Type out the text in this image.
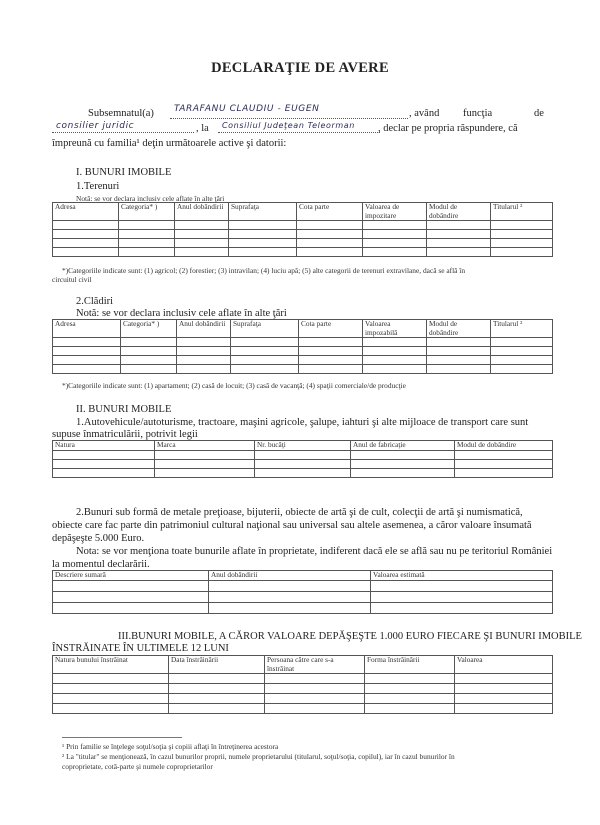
DECLARAŢIE DE AVERE
Subsemnatul(a) TARAFANU CLAUDIU - EUGEN	, având funcţia	de
consilier juridic	, la Consiliul Judeţean Teleorman , declar pe propria răspundere, că
împreună cu familia¹ deţin următoarele active şi datorii:
I. BUNURI IMOBILE
1.Terenuri
Notă: se vor declara inclusiv cele aflate în alte ţări
Adresa	Categoria* )	Anul dobândirii	Suprafaţa	Cota parte	Valoarea de impozitare	Modul de dobândire	Titularul ²

*)Categoriile indicate sunt: (1) agricol; (2) forestier; (3) intravilan; (4) luciu apă; (5) alte categorii de terenuri extravilane, dacă se află în
circuitul civil
2.Clădiri
Notă: se vor declara inclusiv cele aflate în alte ţări
Adresa	Categoria* )	Anul dobândirii	Suprafaţa	Cota parte	Valoarea impozabilă	Modul de dobândire	Titularul ²

*)Categoriile indicate sunt: (1) apartament; (2) casă de locuit; (3) casă de vacanţă; (4) spaţii comerciale/de producţie
II. BUNURI MOBILE
1.Autovehicule/autoturisme, tractoare, maşini agricole, şalupe, iahturi şi alte mijloace de transport care sunt
supuse înmatriculării, potrivit legii
Natura	Marca	Nr. bucăţi	Anul de fabricaţie	Modul de dobândire

2.Bunuri sub formă de metale preţioase, bijuterii, obiecte de artă şi de cult, colecţii de artă şi numismatică,
obiecte care fac parte din patrimoniul cultural naţional sau universal sau altele asemenea, a căror valoare însumată
depăşeşte 5.000 Euro.
Nota: se vor menţiona toate bunurile aflate în proprietate, indiferent dacă ele se află sau nu pe teritoriul României
la momentul declarării.
Descriere sumară	Anul dobândirii	Valoarea estimată

III.BUNURI MOBILE, A CĂROR VALOARE DEPĂŞEŞTE 1.000 EURO FIECARE ŞI BUNURI IMOBILE
ÎNSTRĂINATE ÎN ULTIMELE 12 LUNI
Natura bunului înstrăinat	Data înstrăinării	Persoana către care s-a înstrăinat	Forma înstrăinării	Valoarea

¹ Prin familie se înţelege soţul/soţia şi copiii aflaţi în întreţinerea acestora
² La "titular" se menţionează, în cazul bunurilor proprii, numele proprietarului (titularul, soţul/soţia, copilul), iar în cazul bunurilor în
coproprietate, cotă-parte şi numele coproprietarilor
